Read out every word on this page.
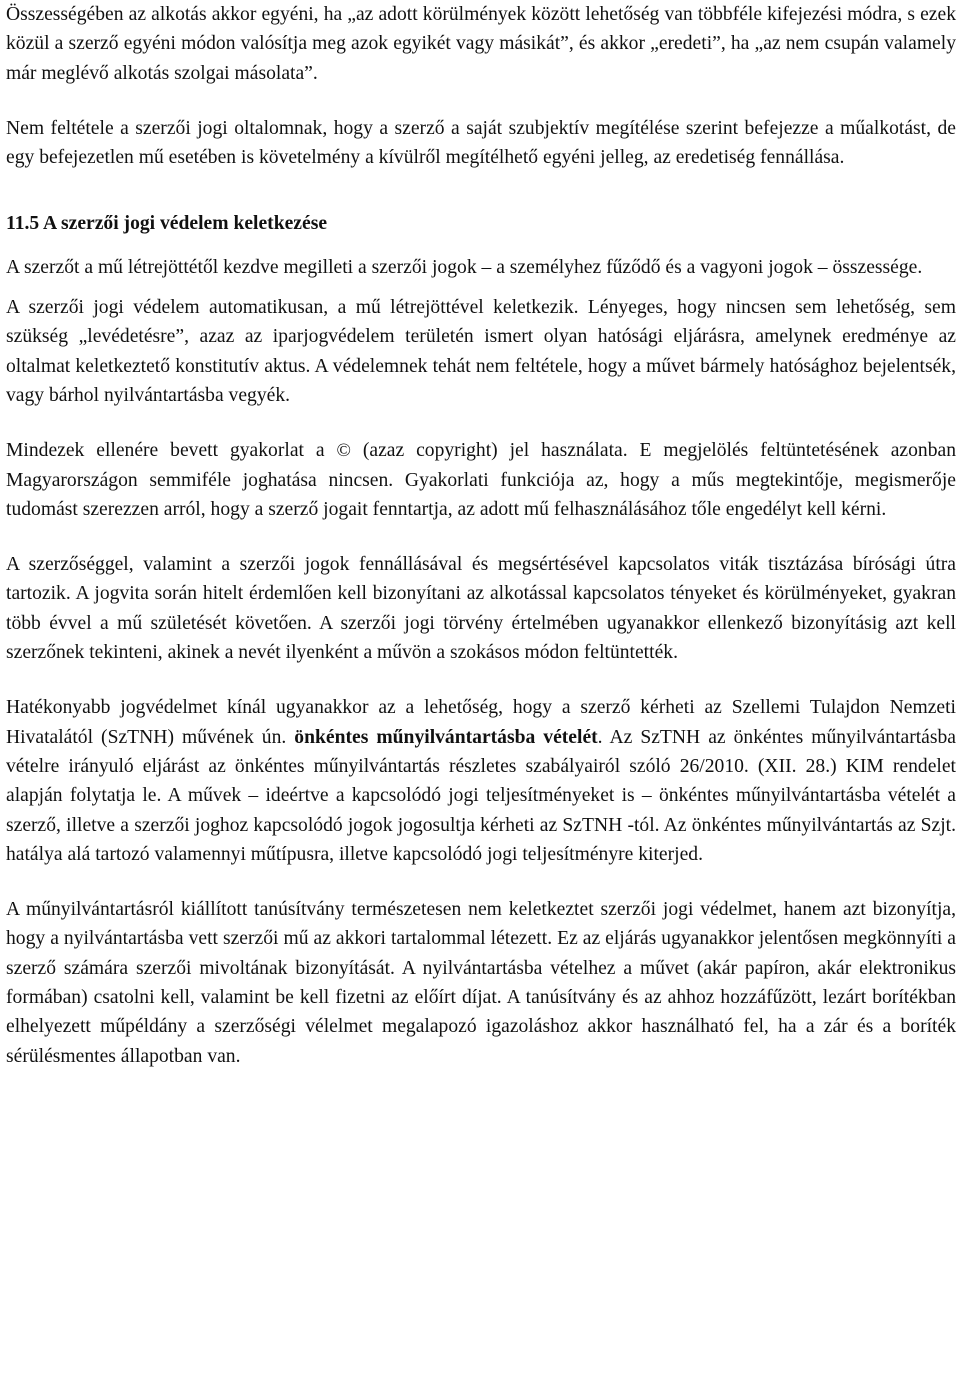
Összességében az alkotás akkor egyéni, ha „az adott körülmények között lehetőség van többféle kifejezési módra, s ezek közül a szerző egyéni módon valósítja meg azok egyikét vagy másikát”, és akkor „eredeti”, ha „az nem csupán valamely már meglévő alkotás szolgai másolata”.

Nem feltétele a szerzői jogi oltalomnak, hogy a szerző a saját szubjektív megítélése szerint befejezze a műalkotást, de egy befejezetlen mű esetében is követelmény a kívülről megítélhető egyéni jelleg, az eredetiség fennállása.

11.5 A szerzői jogi védelem keletkezése

A szerzőt a mű létrejöttétől kezdve megilleti a szerzői jogok – a személyhez fűződő és a vagyoni jogok – összessége.

A szerzői jogi védelem automatikusan, a mű létrejöttével keletkezik. Lényeges, hogy nincsen sem lehetőség, sem szükség „levédetésre”, azaz az iparjogvédelem területén ismert olyan hatósági eljárásra, amelynek eredménye az oltalmat keletkeztető konstitutív aktus. A védelemnek tehát nem feltétele, hogy a művet bármely hatósághoz bejelentsék, vagy bárhol nyilvántartásba vegyék.

Mindezek ellenére bevett gyakorlat a © (azaz copyright) jel használata. E megjelölés feltüntetésének azonban Magyarországon semmiféle joghatása nincsen. Gyakorlati funkciója az, hogy a műs megtekintője, megismerője tudomást szerezzen arról, hogy a szerző jogait fenntartja, az adott mű felhasználásához tőle engedélyt kell kérni.

A szerzőséggel, valamint a szerzői jogok fennállásával és megsértésével kapcsolatos viták tisztázása bírósági útra tartozik. A jogvita során hitelt érdemlően kell bizonyítani az alkotással kapcsolatos tényeket és körülményeket, gyakran több évvel a mű születését követően. A szerzői jogi törvény értelmében ugyanakkor ellenkező bizonyításig azt kell szerzőnek tekinteni, akinek a nevét ilyenként a művön a szokásos módon feltüntették.

Hatékonyabb jogvédelmet kínál ugyanakkor az a lehetőség, hogy a szerző kérheti az Szellemi Tulajdon Nemzeti Hivatalától (SzTNH) művének ún. önkéntes műnyilvántartásba vételét. Az SzTNH az önkéntes műnyilvántartásba vételre irányuló eljárást az önkéntes műnyilvántartás részletes szabályairól szóló 26/2010. (XII. 28.) KIM rendelet alapján folytatja le. A művek – ideértve a kapcsolódó jogi teljesítményeket is – önkéntes műnyilvántartásba vételét a szerző, illetve a szerzői joghoz kapcsolódó jogok jogosultja kérheti az SzTNH -tól. Az önkéntes műnyilvántartás az Szjt. hatálya alá tartozó valamennyi műtípusra, illetve kapcsolódó jogi teljesítményre kiterjed.

A műnyilvántartásról kiállított tanúsítvány természetesen nem keletkeztet szerzői jogi védelmet, hanem azt bizonyítja, hogy a nyilvántartásba vett szerzői mű az akkori tartalommal létezett. Ez az eljárás ugyanakkor jelentősen megkönnyíti a szerző számára szerzői mivoltának bizonyítását. A nyilvántartásba vételhez a művet (akár papíron, akár elektronikus formában) csatolni kell, valamint be kell fizetni az előírt díjat. A tanúsítvány és az ahhoz hozzáfűzött, lezárt borítékban elhelyezett műpéldány a szerzőségi vélelmet megalapozó igazoláshoz akkor használható fel, ha a zár és a boríték sérülésmentes állapotban van.
